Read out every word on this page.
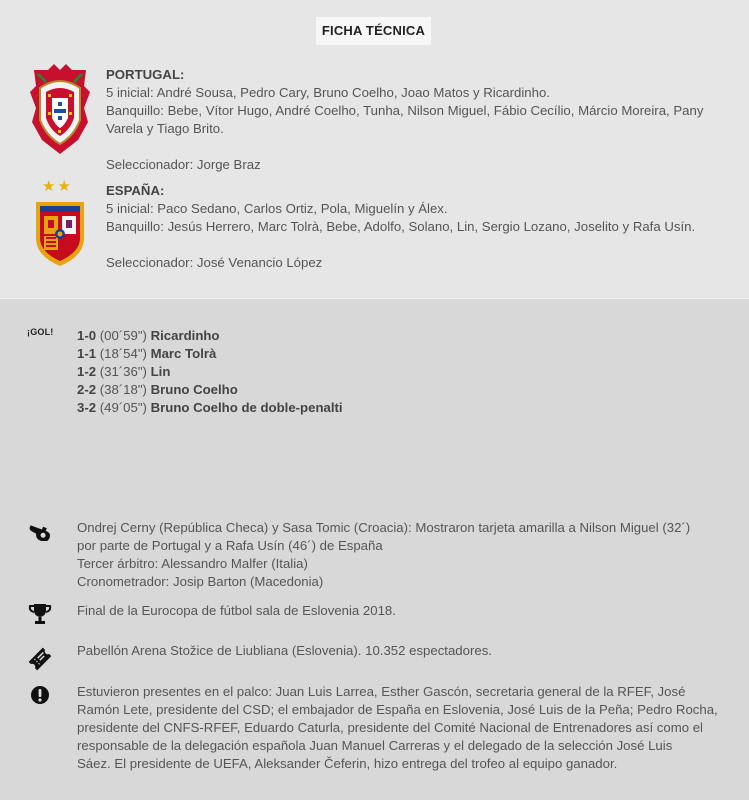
FICHA TÉCNICA
PORTUGAL:
5 inicial: André Sousa, Pedro Cary, Bruno Coelho, Joao Matos y Ricardinho.
Banquillo: Bebe, Vítor Hugo, André Coelho, Tunha, Nilson Miguel, Fábio Cecílio, Márcio Moreira, Pany
Varela y Tiago Brito.
Seleccionador: Jorge Braz
★★	ESPAÑA:
5 inicial: Paco Sedano, Carlos Ortiz, Pola, Miguelín y Álex.
Banquillo: Jesús Herrero, Marc Tolrà, Bebe, Adolfo, Solano, Lin, Sergio Lozano, Joselito y Rafa Usín.
Seleccionador: José Venancio López
¡GOL! 1-0 (00´59") Ricardinho
1-1 (18´54") Marc Tolrà
1-2 (31´36") Lin
2-2 (38´18") Bruno Coelho
3-2 (49´05") Bruno Coelho de doble-penalti
Ondrej Cerny (República Checa) y Sasa Tomic (Croacia): Mostraron tarjeta amarilla a Nilson Miguel (32´)
por parte de Portugal y a Rafa Usín (46´) de España
Tercer árbitro: Alessandro Malfer (Italia)
Cronometrador: Josip Barton (Macedonia)
Final de la Eurocopa de fútbol sala de Eslovenia 2018.
Pabellón Arena Stožice de Liubliana (Eslovenia). 10.352 espectadores.
Estuvieron presentes en el palco: Juan Luis Larrea, Esther Gascón, secretaria general de la RFEF, José
Ramón Lete, presidente del CSD; el embajador de España en Eslovenia, José Luis de la Peña; Pedro Rocha,
presidente del CNFS-RFEF, Eduardo Caturla, presidente del Comité Nacional de Entrenadores así como el
responsable de la delegación española Juan Manuel Carreras y el delegado de la selección José Luis
Sáez. El presidente de UEFA, Aleksander Čeferin, hizo entrega del trofeo al equipo ganador.
